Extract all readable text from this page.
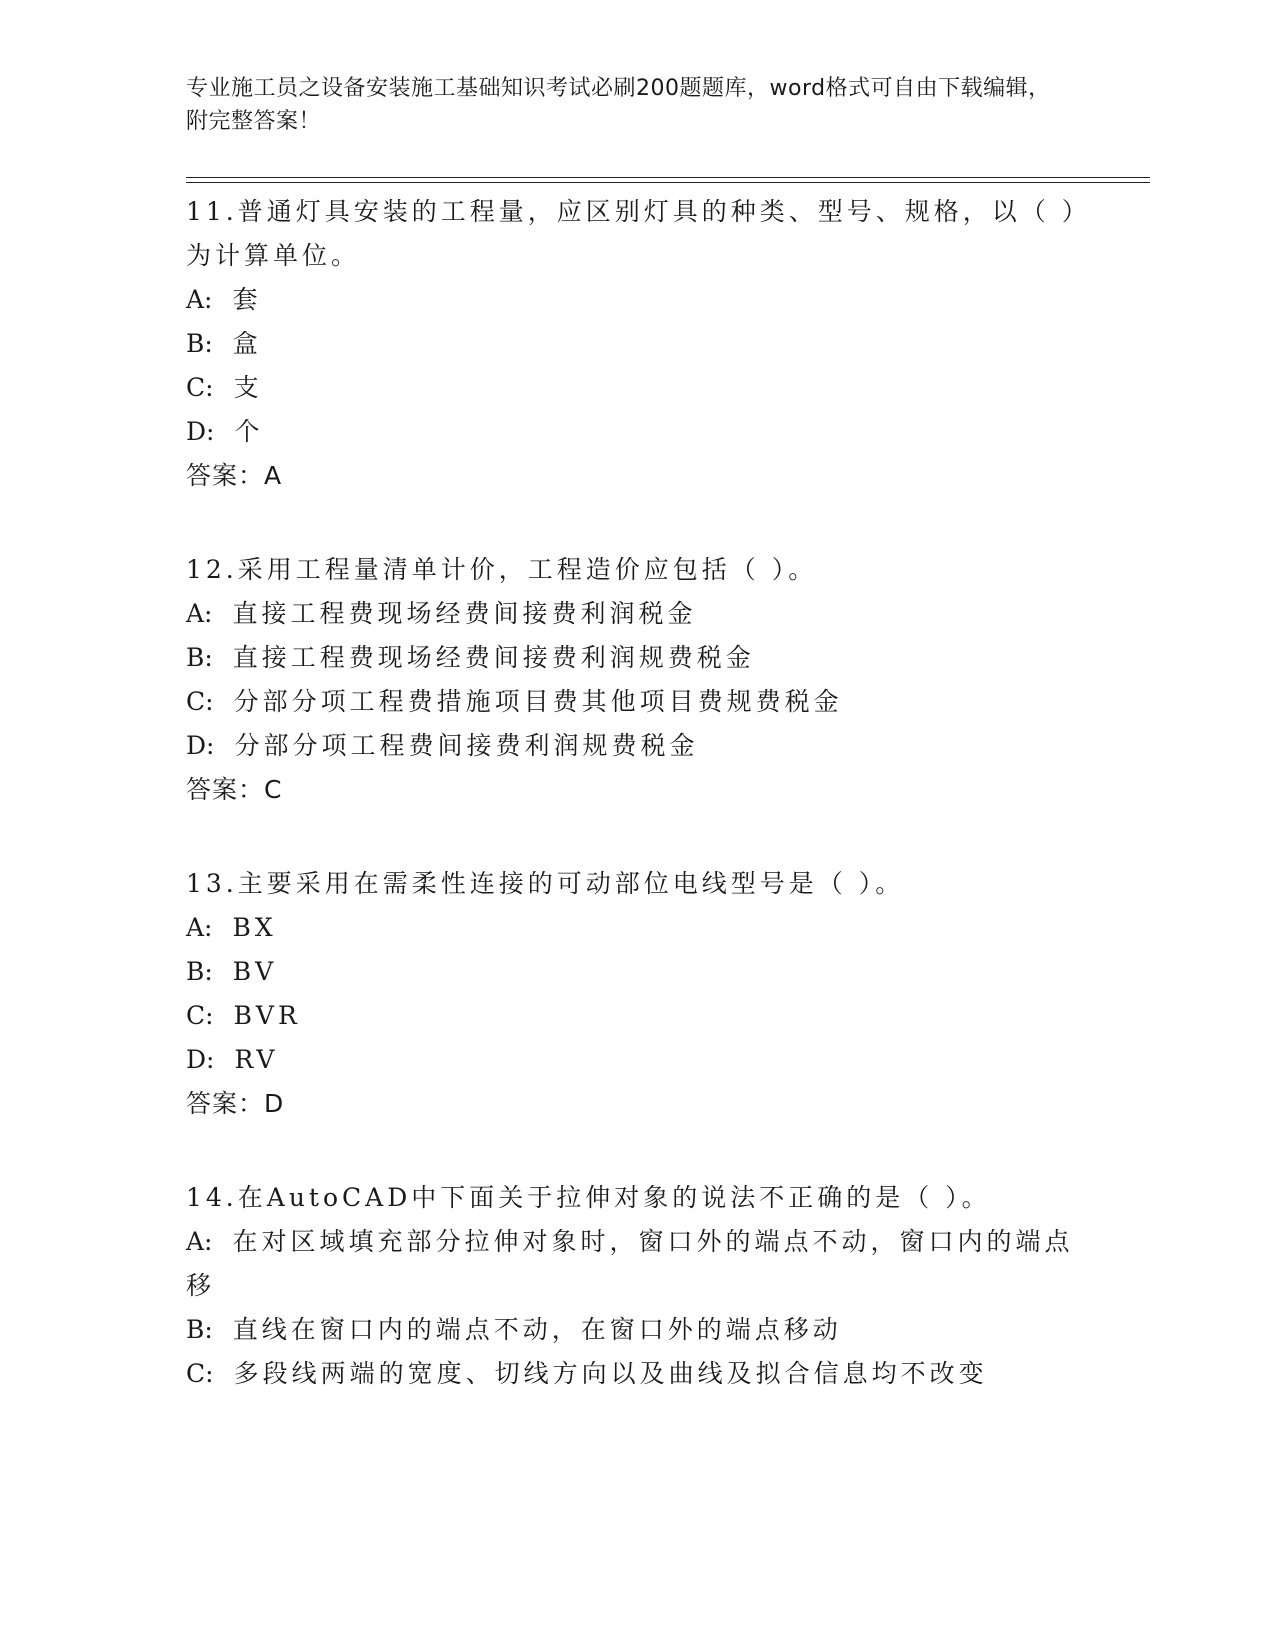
专业施工员之设备安装施工基础知识考试必刷200题题库，word格式可自由下载编辑，附完整答案！

11.普通灯具安装的工程量，应区别灯具的种类、型号、规格，以（ ）为计算单位。

A: 套

B: 盒

C: 支

D: 个

答案：A

12.采用工程量清单计价，工程造价应包括（ ）。

A: 直接工程费现场经费间接费利润税金

B: 直接工程费现场经费间接费利润规费税金

C: 分部分项工程费措施项目费其他项目费规费税金

D: 分部分项工程费间接费利润规费税金

答案：C

13.主要采用在需柔性连接的可动部位电线型号是（ ）。

A: BX

B: BV

C: BVR

D: RV

答案：D

14.在AutoCAD中下面关于拉伸对象的说法不正确的是（ ）。

A: 在对区域填充部分拉伸对象时，窗口外的端点不动，窗口内的端点移

B: 直线在窗口内的端点不动，在窗口外的端点移动

C: 多段线两端的宽度、切线方向以及曲线及拟合信息均不改变
